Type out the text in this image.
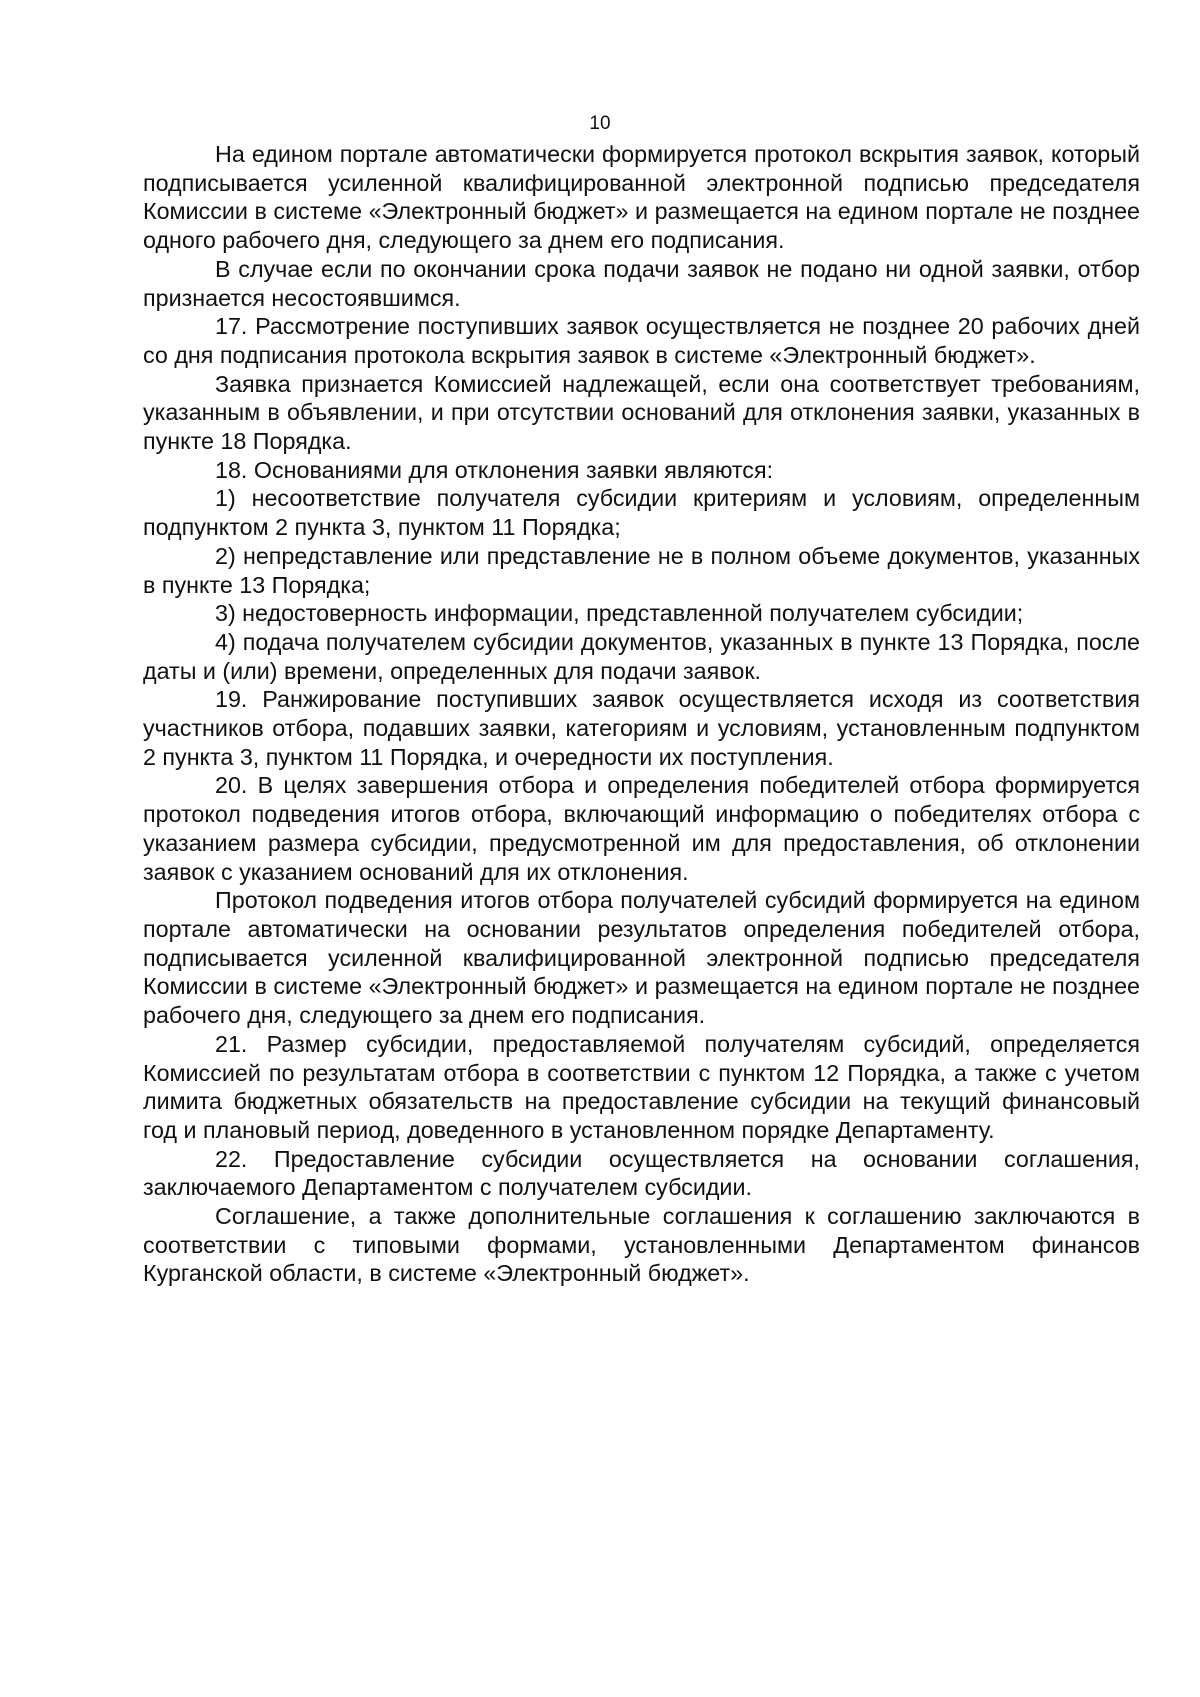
10

На едином портале автоматически формируется протокол вскрытия заявок, который подписывается усиленной квалифицированной электронной подписью председателя Комиссии в системе «Электронный бюджет» и размещается на едином портале не позднее одного рабочего дня, следующего за днем его подписания.

В случае если по окончании срока подачи заявок не подано ни одной заявки, отбор признается несостоявшимся.

17. Рассмотрение поступивших заявок осуществляется не позднее 20 рабочих дней со дня подписания протокола вскрытия заявок в системе «Электронный бюджет».

Заявка признается Комиссией надлежащей, если она соответствует требованиям, указанным в объявлении, и при отсутствии оснований для отклонения заявки, указанных в пункте 18 Порядка.

18. Основаниями для отклонения заявки являются:

1) несоответствие получателя субсидии критериям и условиям, определенным подпунктом 2 пункта 3, пунктом 11 Порядка;

2) непредставление или представление не в полном объеме документов, указанных в пункте 13 Порядка;

3) недостоверность информации, представленной получателем субсидии;

4) подача получателем субсидии документов, указанных в пункте 13 Порядка, после даты и (или) времени, определенных для подачи заявок.

19. Ранжирование поступивших заявок осуществляется исходя из соответствия участников отбора, подавших заявки, категориям и условиям, установленным подпунктом 2 пункта 3, пунктом 11 Порядка, и очередности их поступления.

20. В целях завершения отбора и определения победителей отбора формируется протокол подведения итогов отбора, включающий информацию о победителях отбора с указанием размера субсидии, предусмотренной им для предоставления, об отклонении заявок с указанием оснований для их отклонения.

Протокол подведения итогов отбора получателей субсидий формируется на едином портале автоматически на основании результатов определения победителей отбора, подписывается усиленной квалифицированной электронной подписью председателя Комиссии в системе «Электронный бюджет» и размещается на едином портале не позднее рабочего дня, следующего за днем его подписания.

21. Размер субсидии, предоставляемой получателям субсидий, определяется Комиссией по результатам отбора в соответствии с пунктом 12 Порядка, а также с учетом лимита бюджетных обязательств на предоставление субсидии на текущий финансовый год и плановый период, доведенного в установленном порядке Департаменту.

22. Предоставление субсидии осуществляется на основании соглашения, заключаемого Департаментом с получателем субсидии.

Соглашение, а также дополнительные соглашения к соглашению заключаются в соответствии с типовыми формами, установленными Департаментом финансов Курганской области, в системе «Электронный бюджет».
